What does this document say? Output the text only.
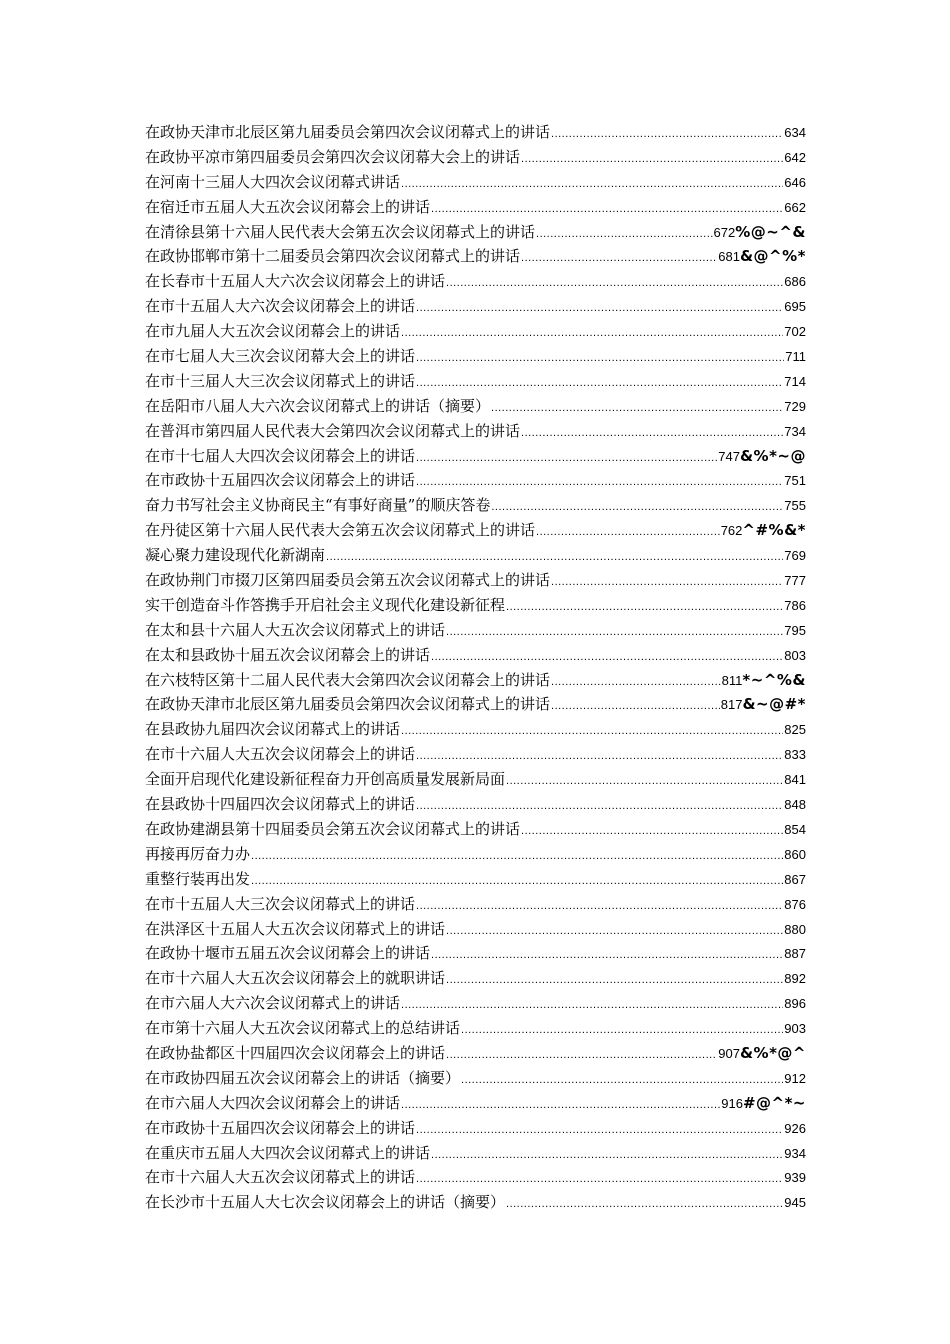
在政协天津市北辰区第九届委员会第四次会议闭幕式上的讲话 .....	634
在政协平凉市第四届委员会第四次会议闭幕大会上的讲话 .....	642
在河南十三届人大四次会议闭幕式讲话 .....	646
在宿迁市五届人大五次会议闭幕会上的讲话 .....	662
在清徐县第十六届人民代表大会第五次会议闭幕式上的讲话 .....	672 %@~^&
在政协邯郸市第十二届委员会第四次会议闭幕式上的讲话 .....	681 &@^%*
在长春市十五届人大六次会议闭幕会上的讲话 .....	686
在市十五届人大六次会议闭幕会上的讲话 .....	695
在市九届人大五次会议闭幕会上的讲话 .....	702
在市七届人大三次会议闭幕大会上的讲话 .....	711
在市十三届人大三次会议闭幕式上的讲话 .....	714
在岳阳市八届人大六次会议闭幕式上的讲话（摘要） .....	729
在普洱市第四届人民代表大会第四次会议闭幕式上的讲话 .....	734
在市十七届人大四次会议闭幕会上的讲话 .....	747 &%*~@
在市政协十五届四次会议闭幕会上的讲话 .....	751
奋力书写社会主义协商民主“有事好商量”的顺庆答卷 .....	755
在丹徒区第十六届人民代表大会第五次会议闭幕式上的讲话 .....	762 ^#%&*
凝心聚力建设现代化新湖南 .....	769
在政协荆门市掇刀区第四届委员会第五次会议闭幕式上的讲话 .....	777
实干创造奋斗作答携手开启社会主义现代化建设新征程 .....	786
在太和县十六届人大五次会议闭幕式上的讲话 .....	795
在太和县政协十届五次会议闭幕会上的讲话 .....	803
在六枝特区第十二届人民代表大会第四次会议闭幕会上的讲话 .....	811 *~^%&
在政协天津市北辰区第九届委员会第四次会议闭幕式上的讲话 .....	817 &~@#*
在县政协九届四次会议闭幕式上的讲话 .....	825
在市十六届人大五次会议闭幕会上的讲话 .....	833
全面开启现代化建设新征程奋力开创高质量发展新局面 .....	841
在县政协十四届四次会议闭幕式上的讲话 .....	848
在政协建湖县第十四届委员会第五次会议闭幕式上的讲话 .....	854
再接再厉奋力办 .....	860
重整行装再出发 .....	867
在市十五届人大三次会议闭幕式上的讲话 .....	876
在洪泽区十五届人大五次会议闭幕式上的讲话 .....	880
在政协十堰市五届五次会议闭幕会上的讲话 .....	887
在市十六届人大五次会议闭幕会上的就职讲话 .....	892
在市六届人大六次会议闭幕式上的讲话 .....	896
在市第十六届人大五次会议闭幕式上的总结讲话 .....	903
在政协盐都区十四届四次会议闭幕会上的讲话 .....	907 &%*@^
在市政协四届五次会议闭幕会上的讲话（摘要） .....	912
在市六届人大四次会议闭幕会上的讲话 .....	916 #@^*~
在市政协十五届四次会议闭幕会上的讲话 .....	926
在重庆市五届人大四次会议闭幕式上的讲话 .....	934
在市十六届人大五次会议闭幕式上的讲话 .....	939
在长沙市十五届人大七次会议闭幕会上的讲话（摘要） .....	945
